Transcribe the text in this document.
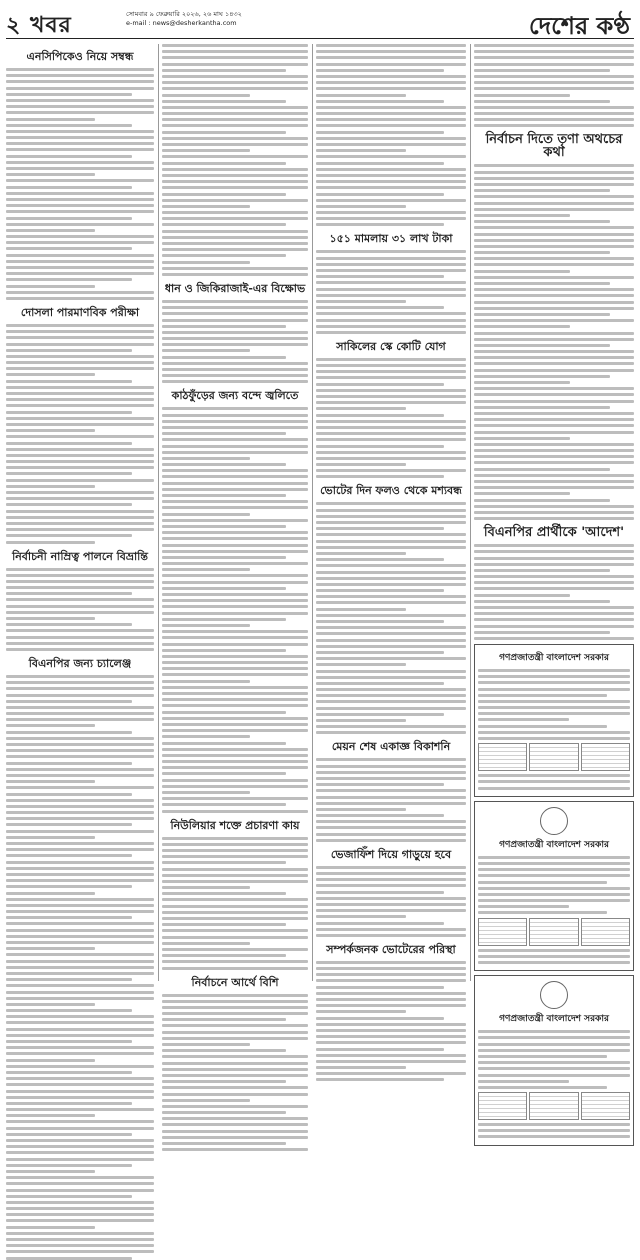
২ খবর	সোমবার ৯ ফেব্রুয়ারি ২০২৬, ২৬ মাঘ ১৪৩২
e-mail : news@desherkantha.com	দেশের কণ্ঠ
এনসিপিকেও নিয়ে সম্বন্ধ
দোসলা পারমাণবিক পরীক্ষা
নির্বাচনী নাম্রিত্ব পালনে বিভ্রান্তি
বিএনপির জন্য চ্যালেঞ্জ
ধান ও জিকিরাজাই-এর বিক্ষোভ
কাঠফুঁড়ের জন্য বন্দে জ্বলিতে
নিউলিয়ার শক্তে প্রচারণা কায়
নির্বাচনে আর্থে বিশি
১৫১ মামলায় ৩১ লাখ টাকা
সাকিলের স্কে কোটি যোগ
ভোটের দিন ফলও থেকে মশ্যবন্ধ
মেয়ন শেষ একাজ্ঞ বিকাশনি
ভেজাফিঁশ দিয়ে গাড়ুয়ে হবে
সম্পর্কজনক ভোটেরের পরিস্থা
নির্বাচন দিতে তৃণা অথচের কথা
বিএনপির প্রার্থীকে 'আদেশ'
গণপ্রজাতন্ত্রী বাংলাদেশ সরকার
গণপ্রজাতন্ত্রী বাংলাদেশ সরকার
গণপ্রজাতন্ত্রী বাংলাদেশ সরকার
